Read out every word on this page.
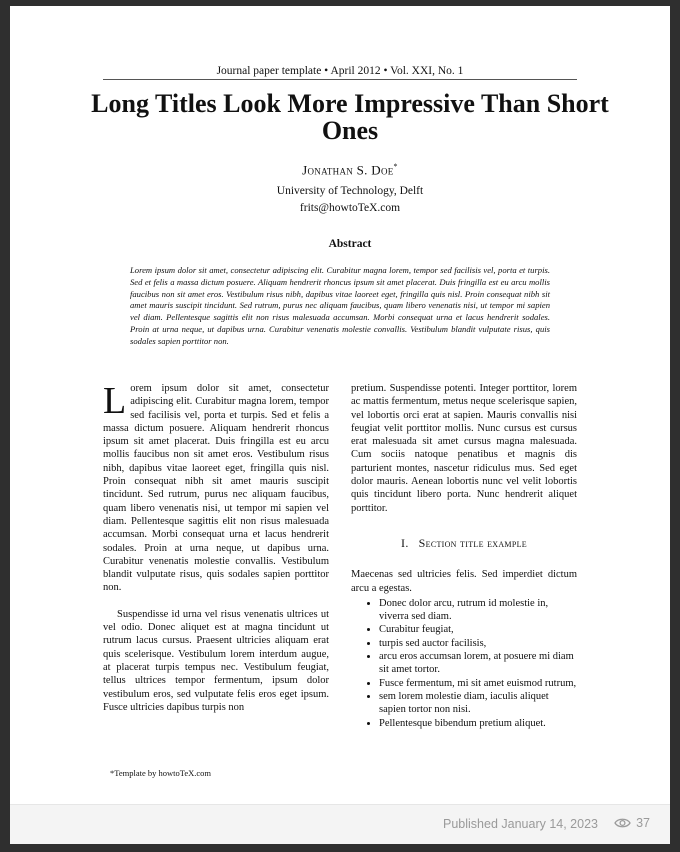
Journal paper template • April 2012 • Vol. XXI, No. 1
Long Titles Look More Impressive Than Short Ones
Jonathan S. Doe*
University of Technology, Delft
frits@howtoTeX.com
Abstract
Lorem ipsum dolor sit amet, consectetur adipiscing elit. Curabitur magna lorem, tempor sed facilisis vel, porta et turpis. Sed et felis a massa dictum posuere. Aliquam hendrerit rhoncus ipsum sit amet placerat. Duis fringilla est eu arcu mollis faucibus non sit amet eros. Vestibulum risus nibh, dapibus vitae laoreet eget, fringilla quis nisl. Proin consequat nibh sit amet mauris suscipit tincidunt. Sed rutrum, purus nec aliquam faucibus, quam libero venenatis nisi, ut tempor mi sapien vel diam. Pellentesque sagittis elit non risus malesuada accumsan. Morbi consequat urna et lacus hendrerit sodales. Proin at urna neque, ut dapibus urna. Curabitur venenatis molestie convallis. Vestibulum blandit vulputate risus, quis sodales sapien porttitor non.

Lorem ipsum dolor sit amet, consectetur adipiscing elit. Curabitur magna lorem, tempor sed facilisis vel, porta et turpis. Sed et felis a massa dictum posuere. Aliquam hendrerit rhoncus ipsum sit amet placerat. Duis fringilla est eu arcu mollis faucibus non sit amet eros. Vestibulum risus nibh, dapibus vitae laoreet eget, fringilla quis nisl. Proin consequat nibh sit amet mauris suscipit tincidunt. Sed rutrum, purus nec aliquam faucibus, quam libero venenatis nisi, ut tempor mi sapien vel diam. Pellentesque sagittis elit non risus malesuada accumsan. Morbi consequat urna et lacus hendrerit sodales. Proin at urna neque, ut dapibus urna. Curabitur venenatis molestie convallis. Vestibulum blandit vulputate risus, quis sodales sapien porttitor non.

Suspendisse id urna vel risus venenatis ultrices ut vel odio. Donec aliquet est at magna tincidunt ut rutrum lacus cursus. Praesent ultricies aliquam erat quis scelerisque. Vestibulum lorem interdum augue, at placerat turpis tempus nec. Vestibulum feugiat, tellus ultrices tempor fermentum, ipsum dolor vestibulum eros, sed vulputate felis eros eget ipsum. Fusce ultricies dapibus turpis non

pretium. Suspendisse potenti. Integer porttitor, lorem ac mattis fermentum, metus neque scelerisque sapien, vel lobortis orci erat at sapien. Mauris convallis nisi feugiat velit porttitor mollis. Nunc cursus est cursus erat malesuada sit amet cursus magna malesuada. Cum sociis natoque penatibus et magnis dis parturient montes, nascetur ridiculus mus. Sed eget dolor mauris. Aenean lobortis nunc vel velit lobortis quis tincidunt libero porta. Nunc hendrerit aliquet porttitor.

I. Section title example

Maecenas sed ultricies felis. Sed imperdiet dictum arcu a egestas.

• Donec dolor arcu, rutrum id molestie in, viverra sed diam.
• Curabitur feugiat,
• turpis sed auctor facilisis,
• arcu eros accumsan lorem, at posuere mi diam sit amet tortor.
• Fusce fermentum, mi sit amet euismod rutrum,
• sem lorem molestie diam, iaculis aliquet sapien tortor non nisi.
• Pellentesque bibendum pretium aliquet.
*Template by howtoTeX.com
Published January 14, 2023	37
